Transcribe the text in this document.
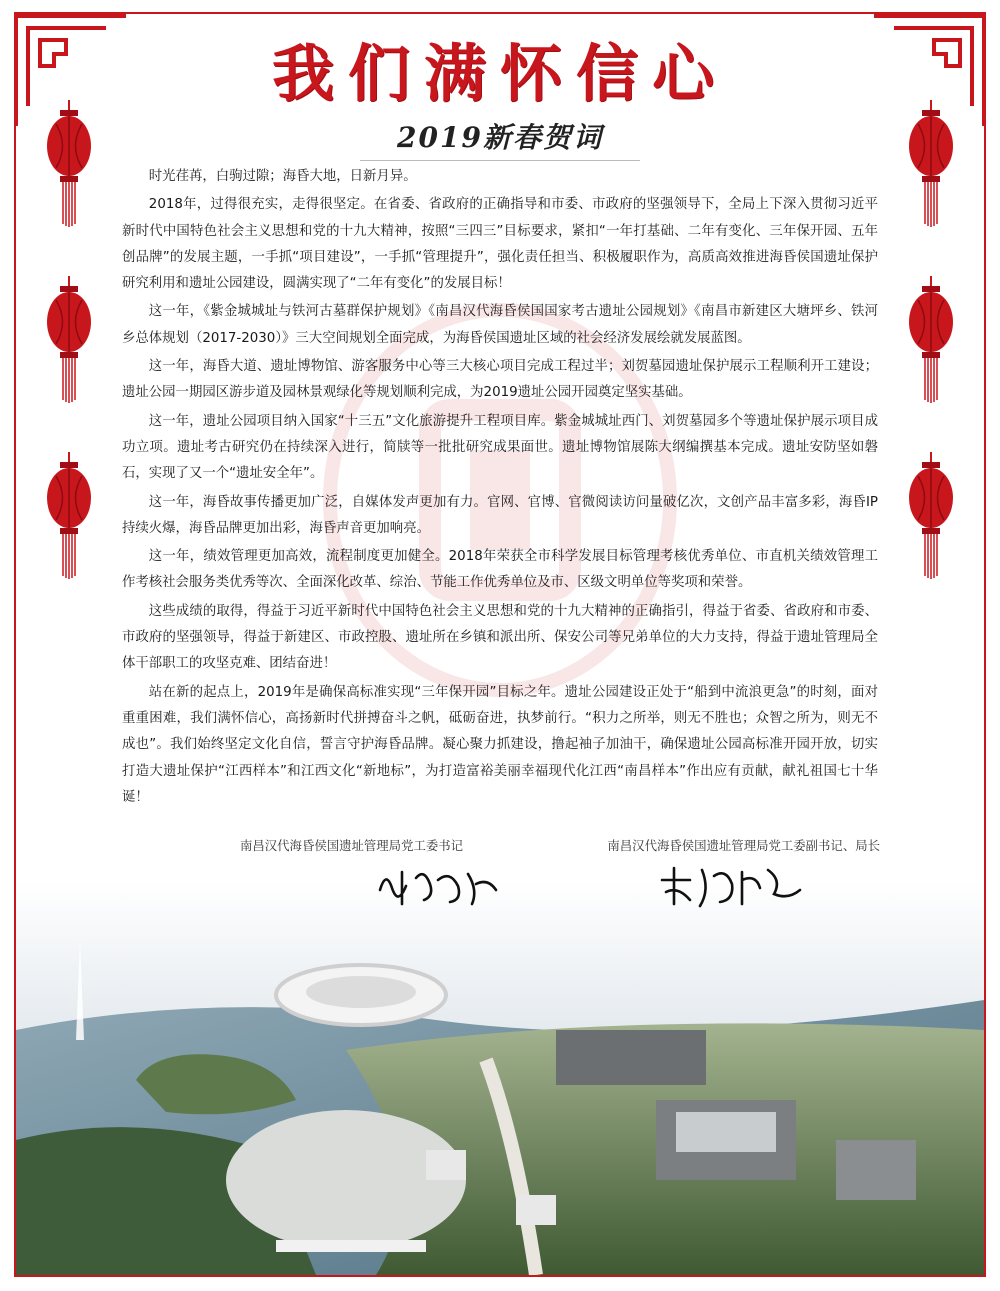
我们满怀信心
2019新春贺词

时光荏苒，白驹过隙；海昏大地，日新月异。

2018年，过得很充实，走得很坚定。在省委、省政府的正确指导和市委、市政府的坚强领导下，全局上下深入贯彻习近平新时代中国特色社会主义思想和党的十九大精神，按照“三四三”目标要求，紧扣“一年打基础、二年有变化、三年保开园、五年创品牌”的发展主题，一手抓“项目建设”，一手抓“管理提升”，强化责任担当、积极履职作为，高质高效推进海昏侯国遗址保护研究利用和遗址公园建设，圆满实现了“二年有变化”的发展目标！

这一年，《紫金城城址与铁河古墓群保护规划》《南昌汉代海昏侯国国家考古遗址公园规划》《南昌市新建区大塘坪乡、铁河乡总体规划（2017-2030）》三大空间规划全面完成，为海昏侯国遗址区域的社会经济发展绘就发展蓝图。

这一年，海昏大道、遗址博物馆、游客服务中心等三大核心项目完成工程过半；刘贺墓园遗址保护展示工程顺利开工建设；遗址公园一期园区游步道及园林景观绿化等规划顺利完成，为2019遗址公园开园奠定坚实基础。

这一年，遗址公园项目纳入国家“十三五”文化旅游提升工程项目库。紫金城城址西门、刘贺墓园多个等遗址保护展示项目成功立项。遗址考古研究仍在持续深入进行，简牍等一批批研究成果面世。遗址博物馆展陈大纲编撰基本完成。遗址安防坚如磐石，实现了又一个“遗址安全年”。

这一年，海昏故事传播更加广泛，自媒体发声更加有力。官网、官博、官微阅读访问量破亿次，文创产品丰富多彩，海昏IP持续火爆，海昏品牌更加出彩，海昏声音更加响亮。

这一年，绩效管理更加高效，流程制度更加健全。2018年荣获全市科学发展目标管理考核优秀单位、市直机关绩效管理工作考核社会服务类优秀等次、全面深化改革、综治、节能工作优秀单位及市、区级文明单位等奖项和荣誉。

这些成绩的取得，得益于习近平新时代中国特色社会主义思想和党的十九大精神的正确指引，得益于省委、省政府和市委、市政府的坚强领导，得益于新建区、市政控股、遗址所在乡镇和派出所、保安公司等兄弟单位的大力支持，得益于遗址管理局全体干部职工的攻坚克难、团结奋进！

站在新的起点上，2019年是确保高标准实现“三年保开园”目标之年。遗址公园建设正处于“船到中流浪更急”的时刻，面对重重困难，我们满怀信心，高扬新时代拼搏奋斗之帆，砥砺奋进，执梦前行。“积力之所举，则无不胜也；众智之所为，则无不成也”。我们始终坚定文化自信，誓言守护海昏品牌。凝心聚力抓建设，撸起袖子加油干，确保遗址公园高标准开园开放，切实打造大遗址保护“江西样本”和江西文化“新地标”，为打造富裕美丽幸福现代化江西“南昌样本”作出应有贡献，献礼祖国七十华诞！

南昌汉代海昏侯国遗址管理局党工委书记	南昌汉代海昏侯国遗址管理局党工委副书记、局长
